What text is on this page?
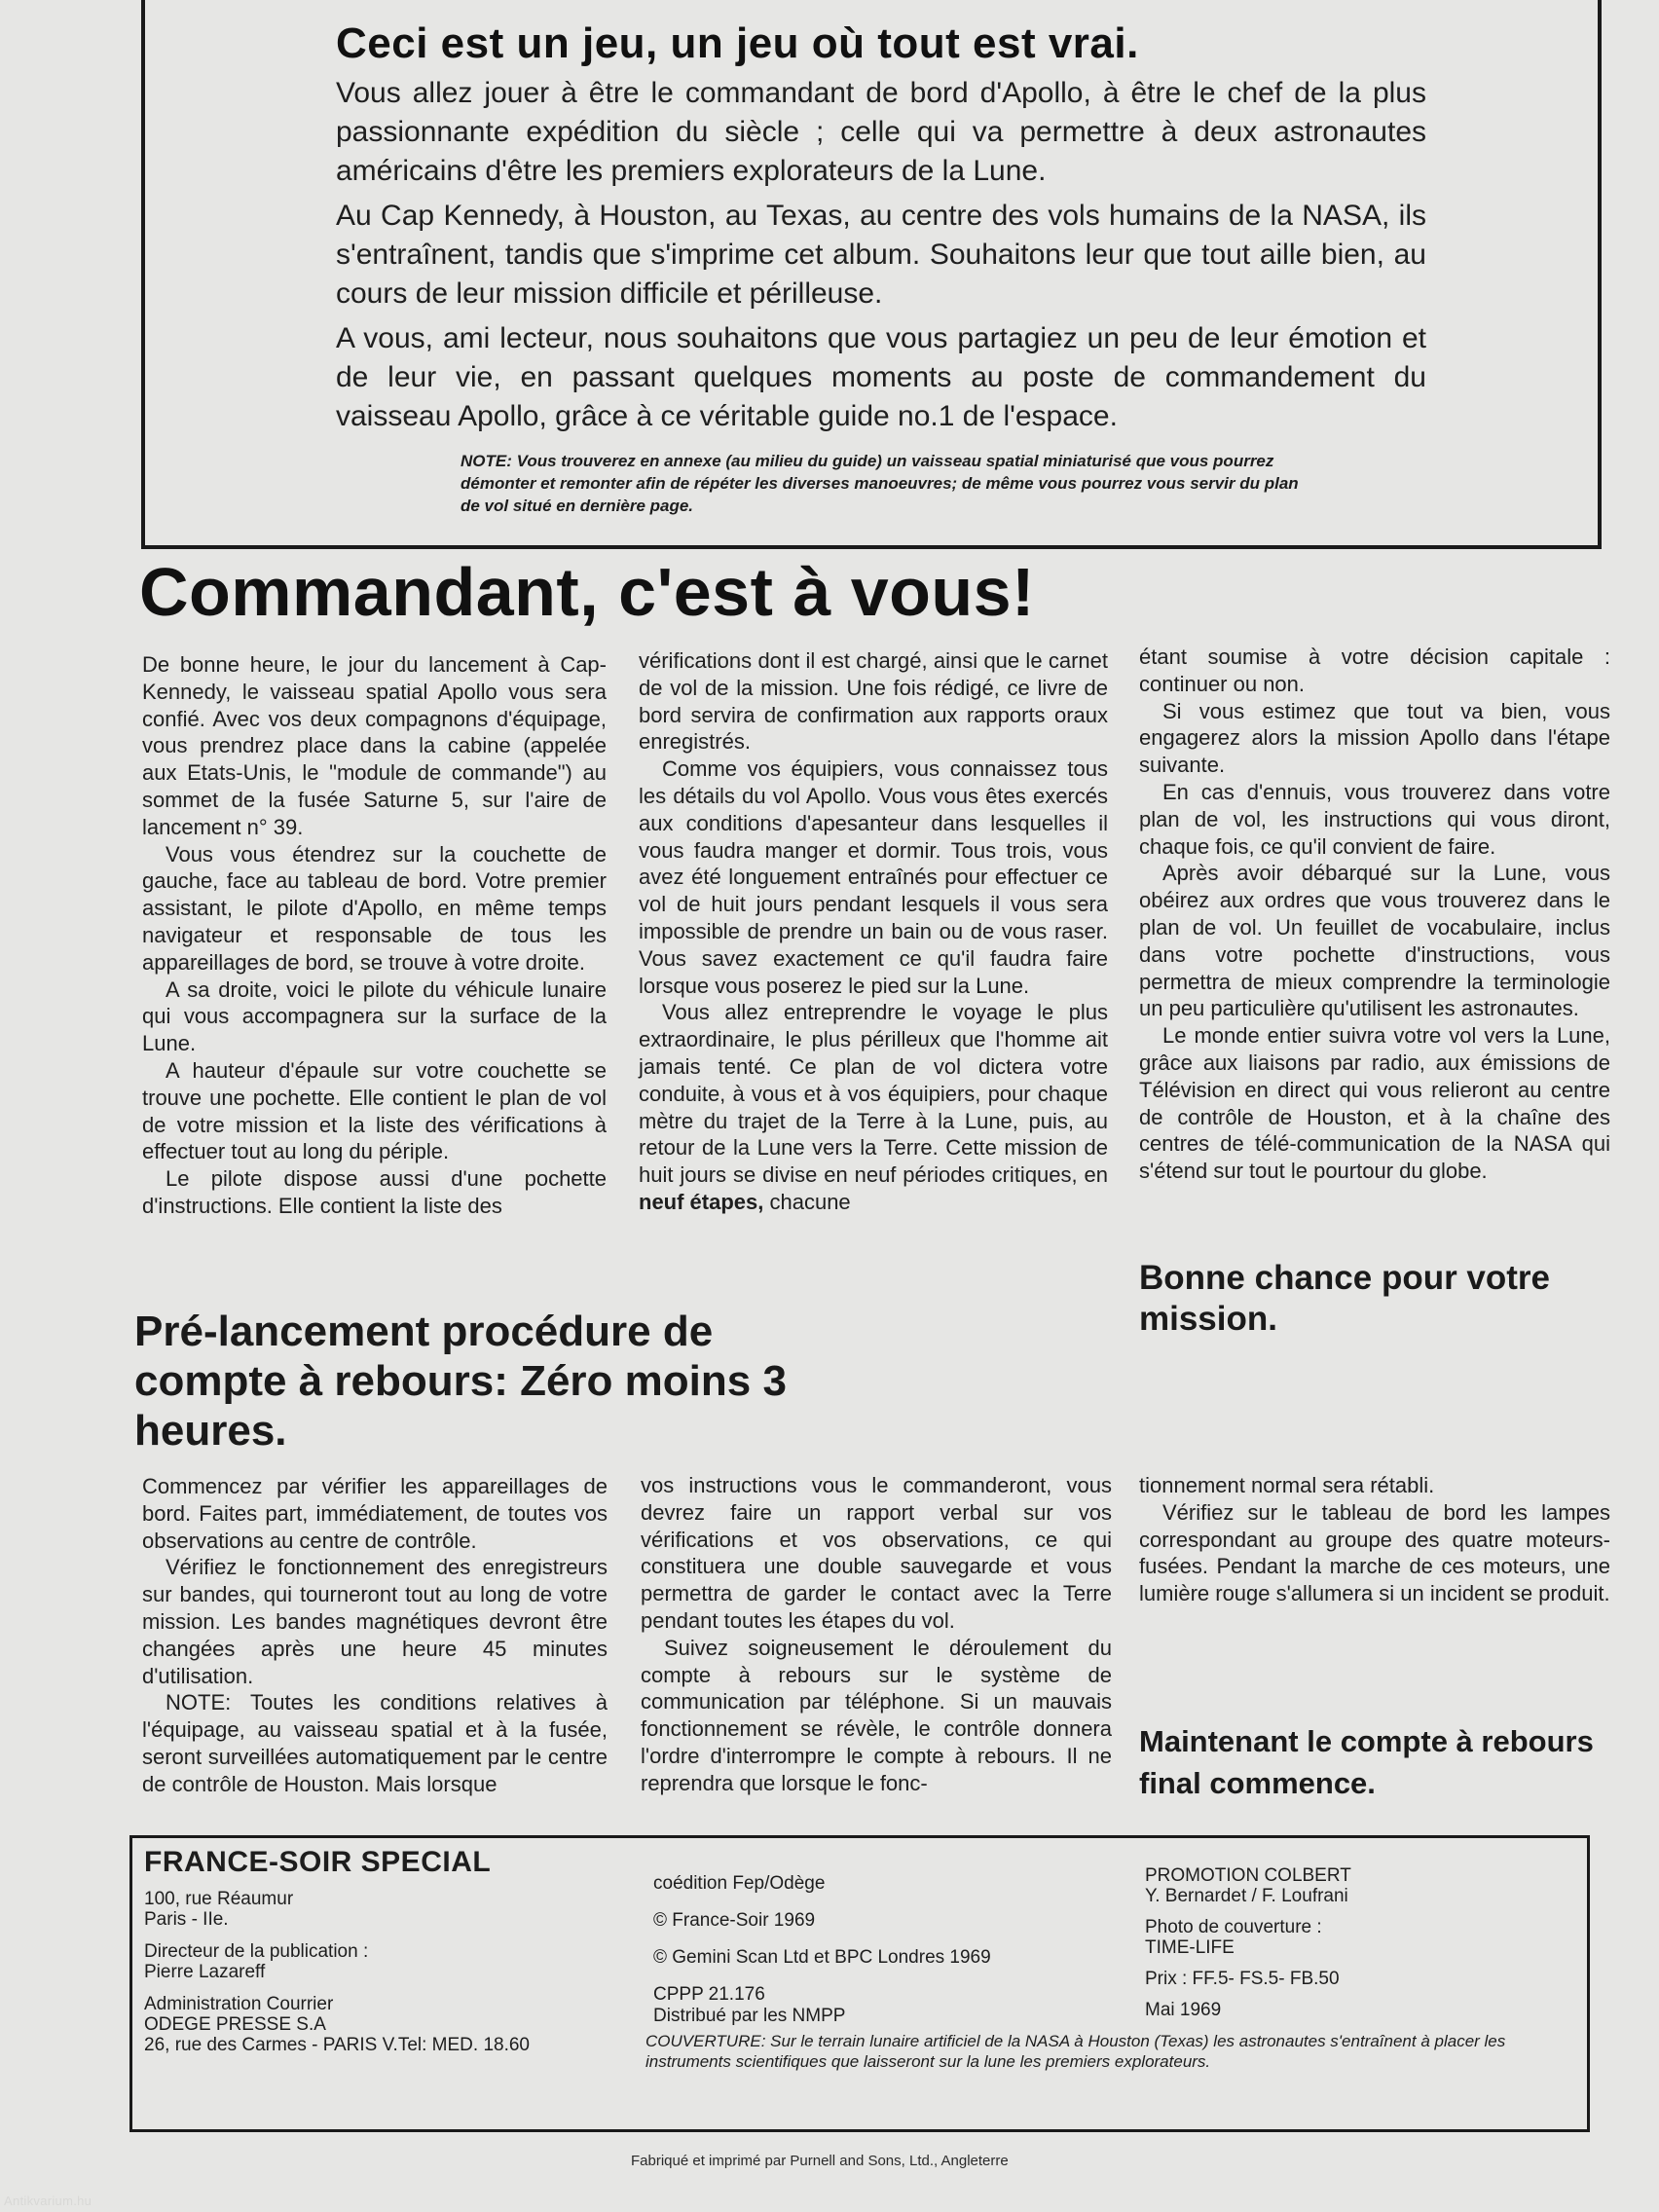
Ceci est un jeu, un jeu où tout est vrai.

Vous allez jouer à être le commandant de bord d'Apollo, à être le chef de la plus passionnante expédition du siècle ; celle qui va permettre à deux astronautes américains d'être les premiers explorateurs de la Lune.

Au Cap Kennedy, à Houston, au Texas, au centre des vols humains de la NASA, ils s'entraînent, tandis que s'imprime cet album. Souhaitons leur que tout aille bien, au cours de leur mission difficile et périlleuse.

A vous, ami lecteur, nous souhaitons que vous partagiez un peu de leur émotion et de leur vie, en passant quelques moments au poste de commandement du vaisseau Apollo, grâce à ce véritable guide no.1 de l'espace.

NOTE: Vous trouverez en annexe (au milieu du guide) un vaisseau spatial miniaturisé que vous pourrez démonter et remonter afin de répéter les diverses manoeuvres; de même vous pourrez vous servir du plan de vol situé en dernière page.

Commandant, c'est à vous!

De bonne heure, le jour du lancement à Cap-Kennedy, le vaisseau spatial Apollo vous sera confié. Avec vos deux compagnons d'équipage, vous prendrez place dans la cabine (appelée aux Etats-Unis, le "module de commande") au sommet de la fusée Saturne 5, sur l'aire de lancement n° 39.

Vous vous étendrez sur la couchette de gauche, face au tableau de bord. Votre premier assistant, le pilote d'Apollo, en même temps navigateur et responsable de tous les appareillages de bord, se trouve à votre droite.

A sa droite, voici le pilote du véhicule lunaire qui vous accompagnera sur la surface de la Lune.

A hauteur d'épaule sur votre couchette se trouve une pochette. Elle contient le plan de vol de votre mission et la liste des vérifications à effectuer tout au long du périple.

Le pilote dispose aussi d'une pochette d'instructions. Elle contient la liste des

vérifications dont il est chargé, ainsi que le carnet de vol de la mission. Une fois rédigé, ce livre de bord servira de confirmation aux rapports oraux enregistrés.

Comme vos équipiers, vous connaissez tous les détails du vol Apollo. Vous vous êtes exercés aux conditions d'apesanteur dans lesquelles il vous faudra manger et dormir. Tous trois, vous avez été longuement entraînés pour effectuer ce vol de huit jours pendant lesquels il vous sera impossible de prendre un bain ou de vous raser. Vous savez exactement ce qu'il faudra faire lorsque vous poserez le pied sur la Lune.

Vous allez entreprendre le voyage le plus extraordinaire, le plus périlleux que l'homme ait jamais tenté. Ce plan de vol dictera votre conduite, à vous et à vos équipiers, pour chaque mètre du trajet de la Terre à la Lune, puis, au retour de la Lune vers la Terre. Cette mission de huit jours se divise en neuf périodes critiques, en neuf étapes, chacune

étant soumise à votre décision capitale : continuer ou non.

Si vous estimez que tout va bien, vous engagerez alors la mission Apollo dans l'étape suivante.

En cas d'ennuis, vous trouverez dans votre plan de vol, les instructions qui vous diront, chaque fois, ce qu'il convient de faire.

Après avoir débarqué sur la Lune, vous obéirez aux ordres que vous trouverez dans le plan de vol. Un feuillet de vocabulaire, inclus dans votre pochette d'instructions, vous permettra de mieux comprendre la terminologie un peu particulière qu'utilisent les astronautes.

Le monde entier suivra votre vol vers la Lune, grâce aux liaisons par radio, aux émissions de Télévision en direct qui vous relieront au centre de contrôle de Houston, et à la chaîne des centres de télé-communication de la NASA qui s'étend sur tout le pourtour du globe.

Bonne chance pour votre mission.

Pré-lancement procédure de compte à rebours: Zéro moins 3 heures.

Commencez par vérifier les appareillages de bord. Faites part, immédiatement, de toutes vos observations au centre de contrôle.

Vérifiez le fonctionnement des enregistreurs sur bandes, qui tourneront tout au long de votre mission. Les bandes magnétiques devront être changées après une heure 45 minutes d'utilisation.

NOTE: Toutes les conditions relatives à l'équipage, au vaisseau spatial et à la fusée, seront surveillées automatiquement par le centre de contrôle de Houston. Mais lorsque

vos instructions vous le commanderont, vous devrez faire un rapport verbal sur vos vérifications et vos observations, ce qui constituera une double sauvegarde et vous permettra de garder le contact avec la Terre pendant toutes les étapes du vol.

Suivez soigneusement le déroulement du compte à rebours sur le système de communication par téléphone. Si un mauvais fonctionnement se révèle, le contrôle donnera l'ordre d'interrompre le compte à rebours. Il ne reprendra que lorsque le fonc-

tionnement normal sera rétabli.

Vérifiez sur le tableau de bord les lampes correspondant au groupe des quatre moteurs-fusées. Pendant la marche de ces moteurs, une lumière rouge s'allumera si un incident se produit.

Maintenant le compte à rebours final commence.

FRANCE-SOIR SPECIAL
100, rue Réaumur
Paris - IIe.
Directeur de la publication :
Pierre Lazareff
Administration Courrier
ODEGE PRESSE S.A
26, rue des Carmes - PARIS V.Tel: MED. 18.60
coédition Fep/Odège
© France-Soir 1969
© Gemini Scan Ltd et BPC Londres 1969
CPPP 21.176
Distribué par les NMPP
PROMOTION COLBERT
Y. Bernardet / F. Loufrani
Photo de couverture :
TIME-LIFE
Prix : FF.5- FS.5- FB.50
Mai 1969
COUVERTURE: Sur le terrain lunaire artificiel de la NASA à Houston (Texas) les astronautes s'entraînent à placer les instruments scientifiques que laisseront sur la lune les premiers explorateurs.

Fabriqué et imprimé par Purnell and Sons, Ltd., Angleterre

Antikvarium.hu
